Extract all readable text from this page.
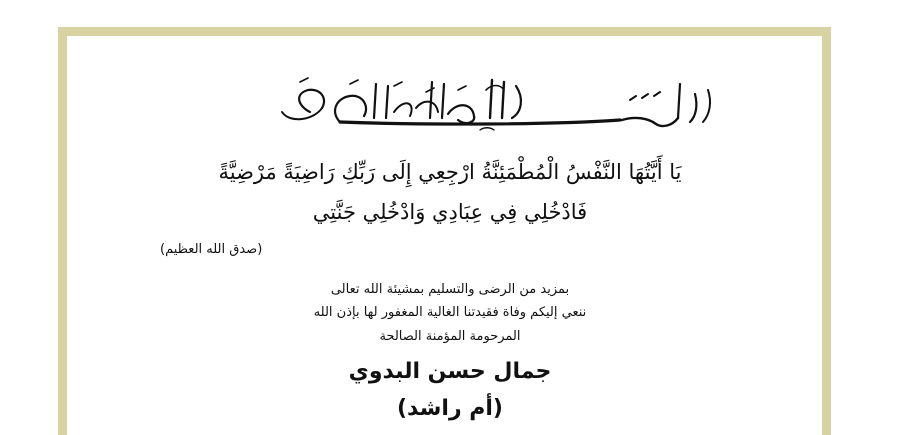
يَا أَيَّتُهَا النَّفْسُ الْمُطْمَئِنَّةُ ارْجِعِي إِلَى رَبِّكِ رَاضِيَةً مَرْضِيَّةً
فَادْخُلِي فِي عِبَادِي وَادْخُلِي جَنَّتِي
(صدق الله العظيم)
بمزيد من الرضى والتسليم بمشيئة الله تعالى
ننعي إليكم وفاة فقيدتنا الغالية المغفور لها بإذن الله
المرحومة المؤمنة الصالحة
جمال حسن البدوي
(أم راشد)
